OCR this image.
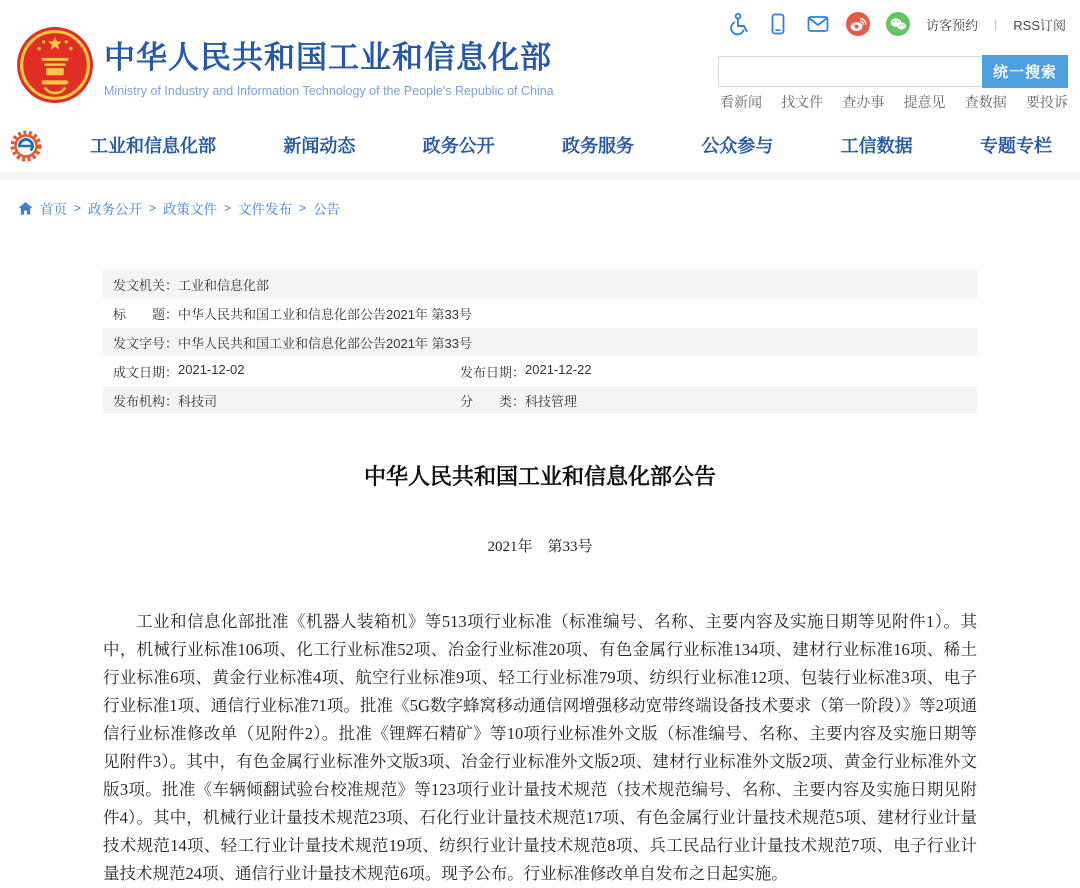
中华人民共和国工业和信息化部
Ministry of Industry and Information Technology of the People's Republic of China
访客预约 | RSS订阅
统一搜索
看新闻 找文件 查办事 提意见 查数据 要投诉
工业和信息化部	新闻动态	政务公开	政务服务	公众参与	工信数据	专题专栏
首页 > 政务公开 > 政策文件 > 文件发布 > 公告
发文机关： 工业和信息化部
标　　题： 中华人民共和国工业和信息化部公告2021年 第33号
发文字号： 中华人民共和国工业和信息化部公告2021年 第33号
成文日期： 2021-12-02	发布日期： 2021-12-22
发布机构： 科技司	分　　类： 科技管理
中华人民共和国工业和信息化部公告
2021年　第33号

工业和信息化部批准《机器人装箱机》等513项行业标准（标准编号、名称、主要内容及实施日期等见附件1）。其中，机械行业标准106项、化工行业标准52项、冶金行业标准20项、有色金属行业标准134项、建材行业标准16项、稀土行业标准6项、黄金行业标准4项、航空行业标准9项、轻工行业标准79项、纺织行业标准12项、包装行业标准3项、电子行业标准1项、通信行业标准71项。批准《5G数字蜂窝移动通信网增强移动宽带终端设备技术要求（第一阶段）》等2项通信行业标准修改单（见附件2）。批准《锂辉石精矿》等10项行业标准外文版（标准编号、名称、主要内容及实施日期等见附件3）。其中，有色金属行业标准外文版3项、冶金行业标准外文版2项、建材行业标准外文版2项、黄金行业标准外文版3项。批准《车辆倾翻试验台校准规范》等123项行业计量技术规范（技术规范编号、名称、主要内容及实施日期见附件4）。其中，机械行业计量技术规范23项、石化行业计量技术规范17项、有色金属行业计量技术规范5项、建材行业计量技术规范14项、轻工行业计量技术规范19项、纺织行业计量技术规范8项、兵工民品行业计量技术规范7项、电子行业计量技术规范24项、通信行业计量技术规范6项。现予公布。行业标准修改单自发布之日起实施。
